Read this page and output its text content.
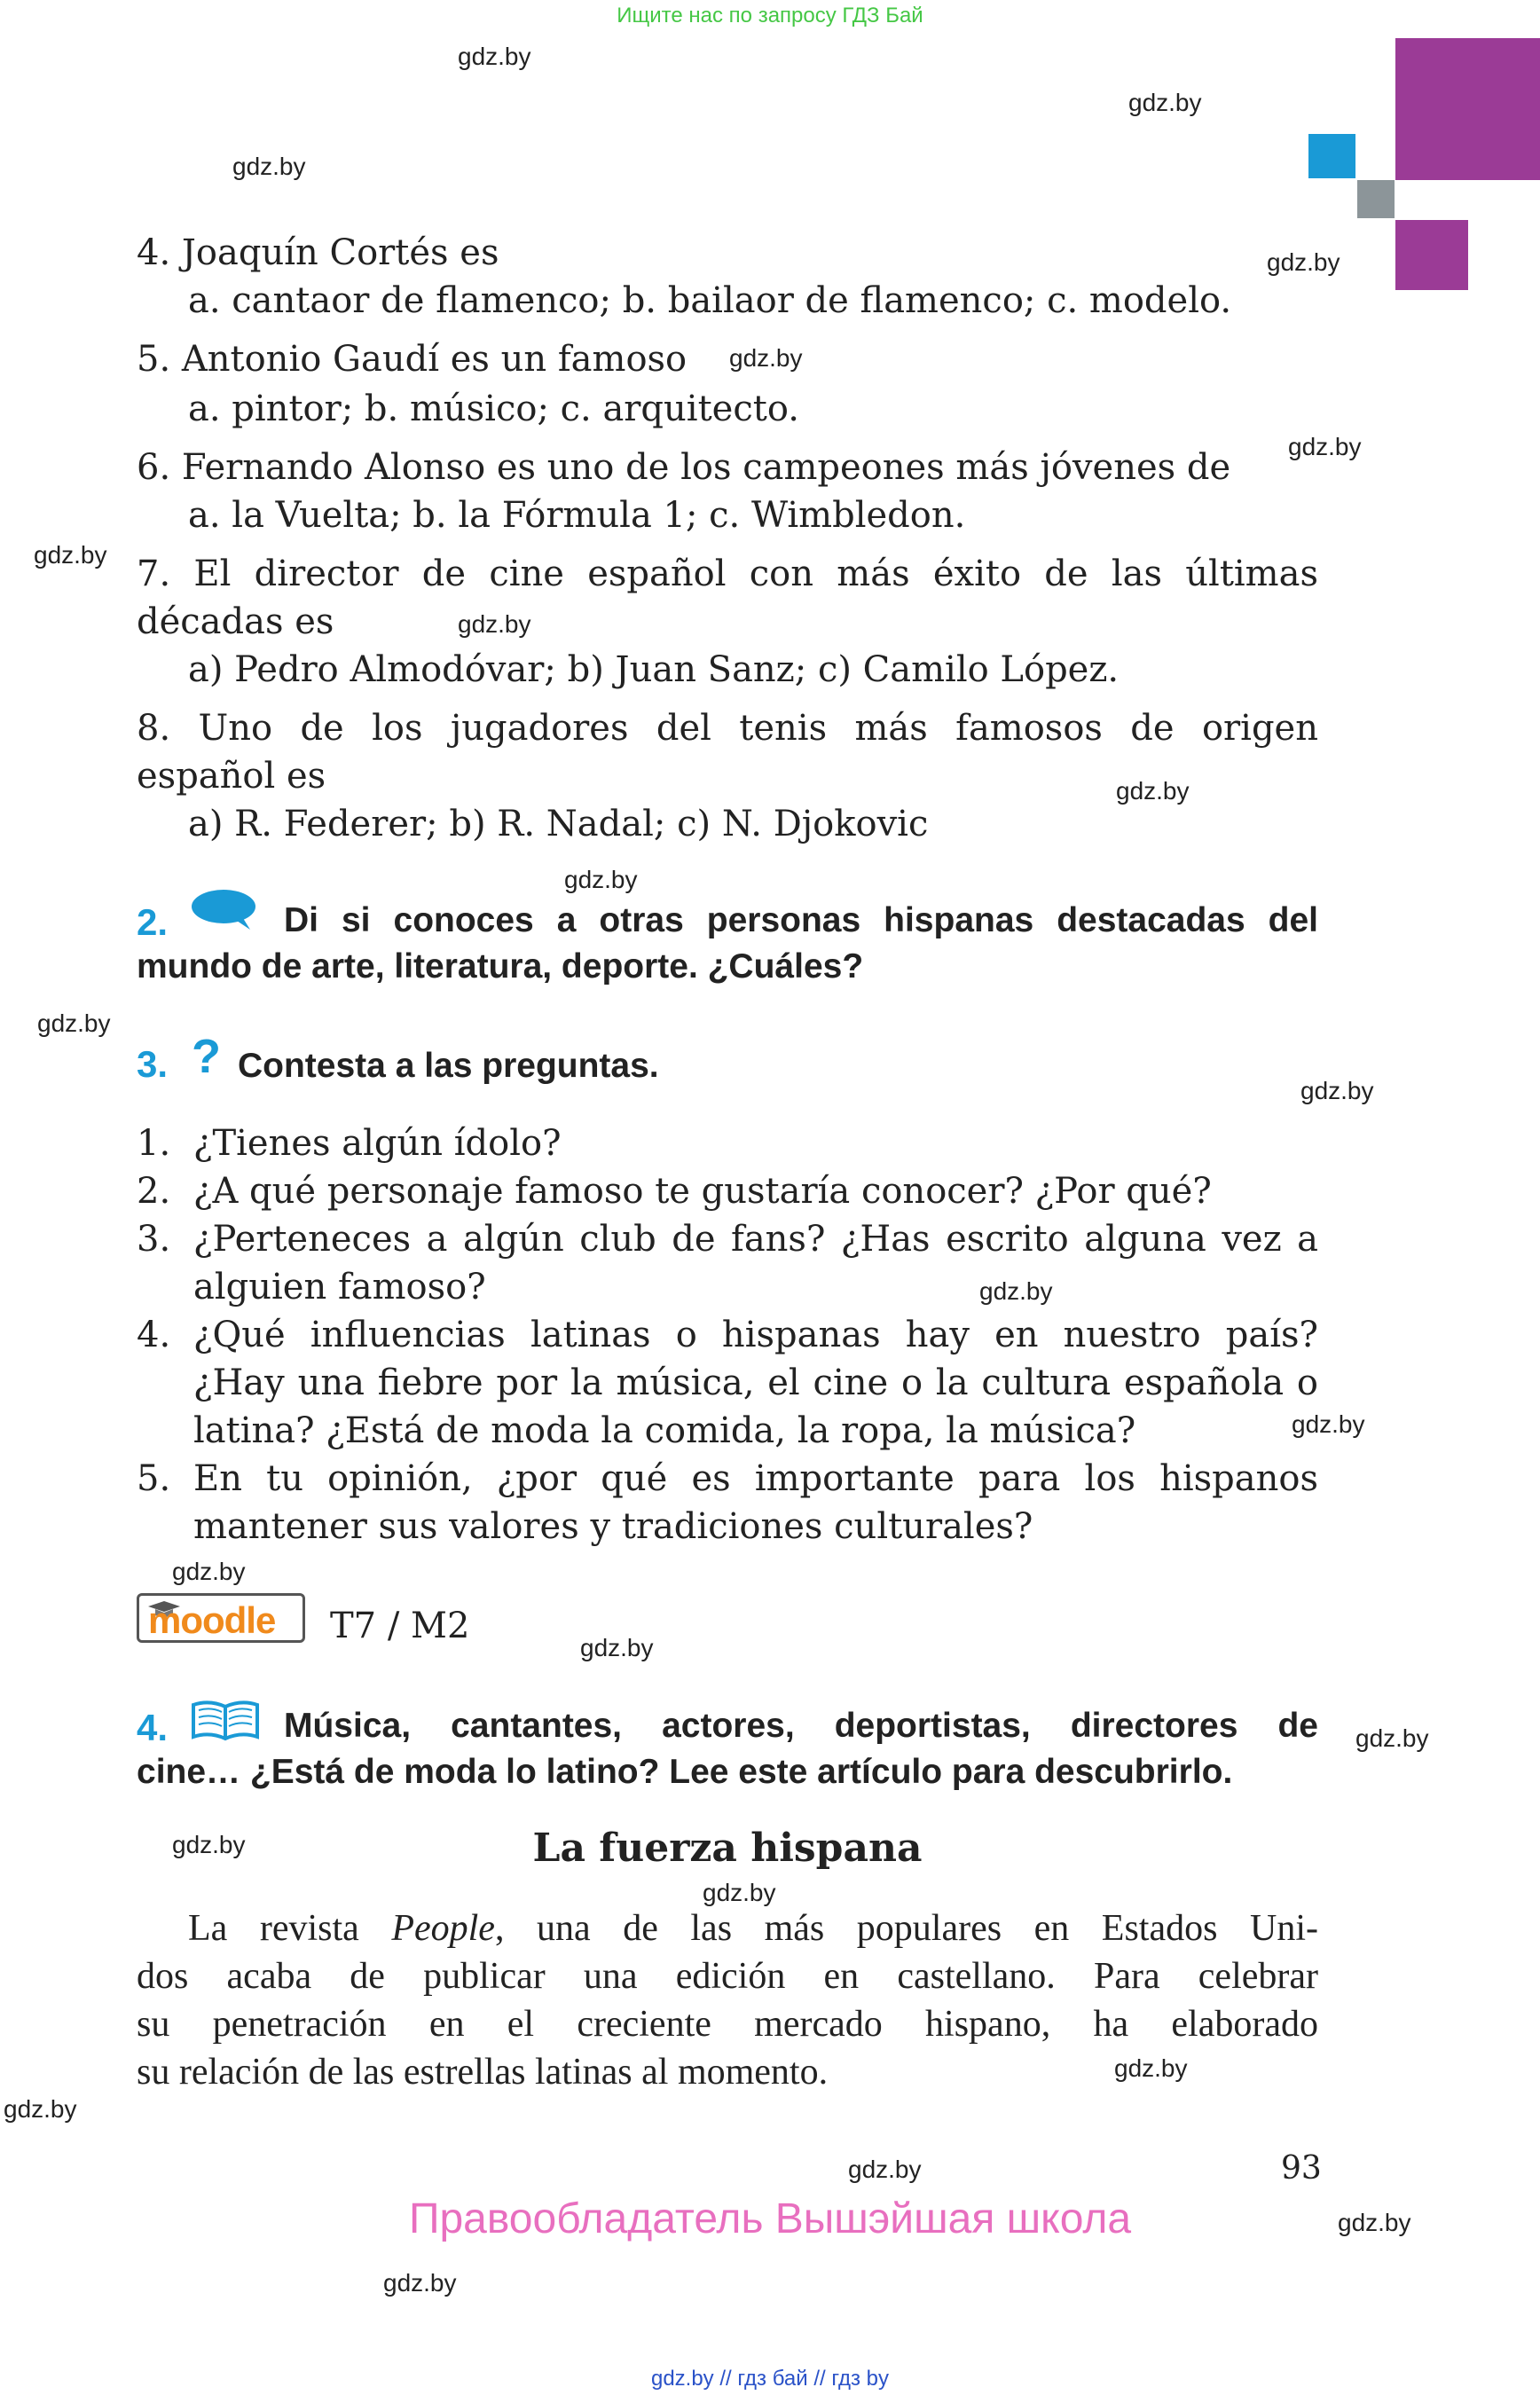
Ищите нас по запросу ГДЗ Бай
gdz.by
gdz.by
gdz.by
gdz.by
gdz.by
gdz.by
gdz.by
gdz.by
gdz.by
gdz.by
gdz.by
gdz.by
gdz.by
gdz.by
gdz.by
gdz.by
gdz.by
gdz.by
gdz.by
gdz.by
gdz.by
gdz.by
gdz.by
gdz.by
4. Joaquín Cortés es
a. cantaor de flamenco; b. bailaor de flamenco; c. modelo.
5. Antonio Gaudí es un famoso
a. pintor; b. músico; c. arquitecto.
6. Fernando Alonso es uno de los campeones más jóvenes de
a. la Vuelta; b. la Fórmula 1; c. Wimbledon.
7. El director de cine español con más éxito de las últimas
décadas es
a) Pedro Almodóvar; b) Juan Sanz; c) Camilo López.
8. Uno de los jugadores del tenis más famosos de origen
español es
a) R. Federer; b) R. Nadal; c) N. Djokovic
2.	Di si conoces a otras personas hispanas destacadas del
mundo de arte, literatura, deporte. ¿Cuáles?
3. ? Contesta a las preguntas.
1. ¿Tienes algún ídolo?
2. ¿A qué personaje famoso te gustaría conocer? ¿Por qué?
3. ¿Perteneces a algún club de fans? ¿Has escrito alguna vez a
alguien famoso?
4. ¿Qué influencias latinas o hispanas hay en nuestro país?
¿Hay una fiebre por la música, el cine o la cultura española o
latina? ¿Está de moda la comida, la ropa, la música?
5. En tu opinión, ¿por qué es importante para los hispanos
mantener sus valores y tradiciones culturales?
moodle T7 / M2
4.	Música, cantantes, actores, deportistas, directores de
cine… ¿Está de moda lo latino? Lee este artículo para descubrirlo.
La fuerza hispana
La revista People, una de las más populares en Estados Uni-
dos acaba de publicar una edición en castellano. Para celebrar
su penetración en el creciente mercado hispano, ha elaborado
su relación de las estrellas latinas al momento.
93
Правообладатель Вышэйшая школа
gdz.by // гдз бай // гдз by
